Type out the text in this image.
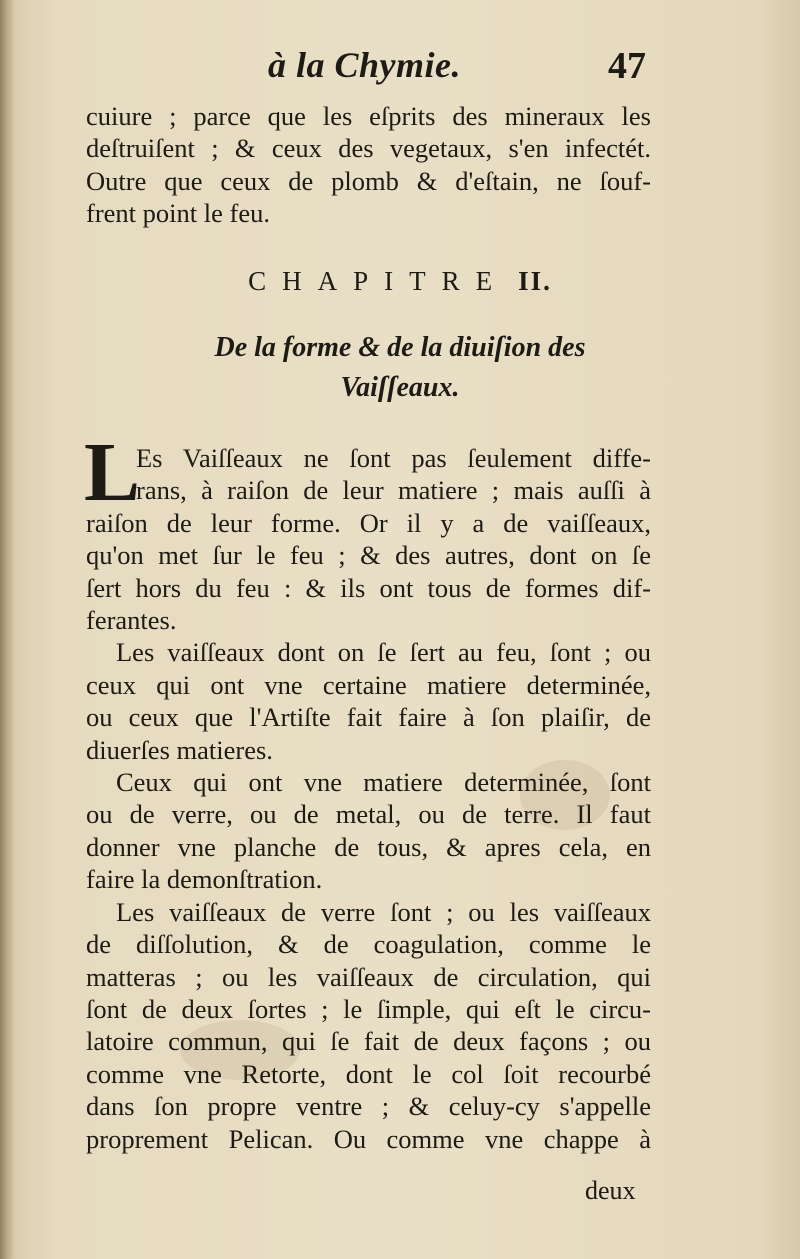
à la Chymie.	47
cuiure ; parce que les eſprits des mineraux les
deſtruiſent ; & ceux des vegetaux, s'en infectét.
Outre que ceux de plomb & d'eſtain, ne ſouf-
frent point le feu.
CHAPITRE II.
De la forme & de la diuiſion des
Vaiſſeaux.
L
Es Vaiſſeaux ne ſont pas ſeulement diffe-
rans, à raiſon de leur matiere ; mais auſſi à
raiſon de leur forme. Or il y a de vaiſſeaux,
qu'on met ſur le feu ; & des autres, dont on ſe
ſert hors du feu : & ils ont tous de formes dif-
ferantes.
Les vaiſſeaux dont on ſe ſert au feu, ſont ; ou
ceux qui ont vne certaine matiere determinée,
ou ceux que l'Artiſte fait faire à ſon plaiſir, de
diuerſes matieres.
Ceux qui ont vne matiere determinée, ſont
ou de verre, ou de metal, ou de terre. Il faut
donner vne planche de tous, & apres cela, en
faire la demonſtration.
Les vaiſſeaux de verre ſont ; ou les vaiſſeaux
de diſſolution, & de coagulation, comme le
matteras ; ou les vaiſſeaux de circulation, qui
ſont de deux ſortes ; le ſimple, qui eſt le circu-
latoire commun, qui ſe fait de deux façons ; ou
comme vne Retorte, dont le col ſoit recourbé
dans ſon propre ventre ; & celuy-cy s'appelle
proprement Pelican. Ou comme vne chappe à
deux
